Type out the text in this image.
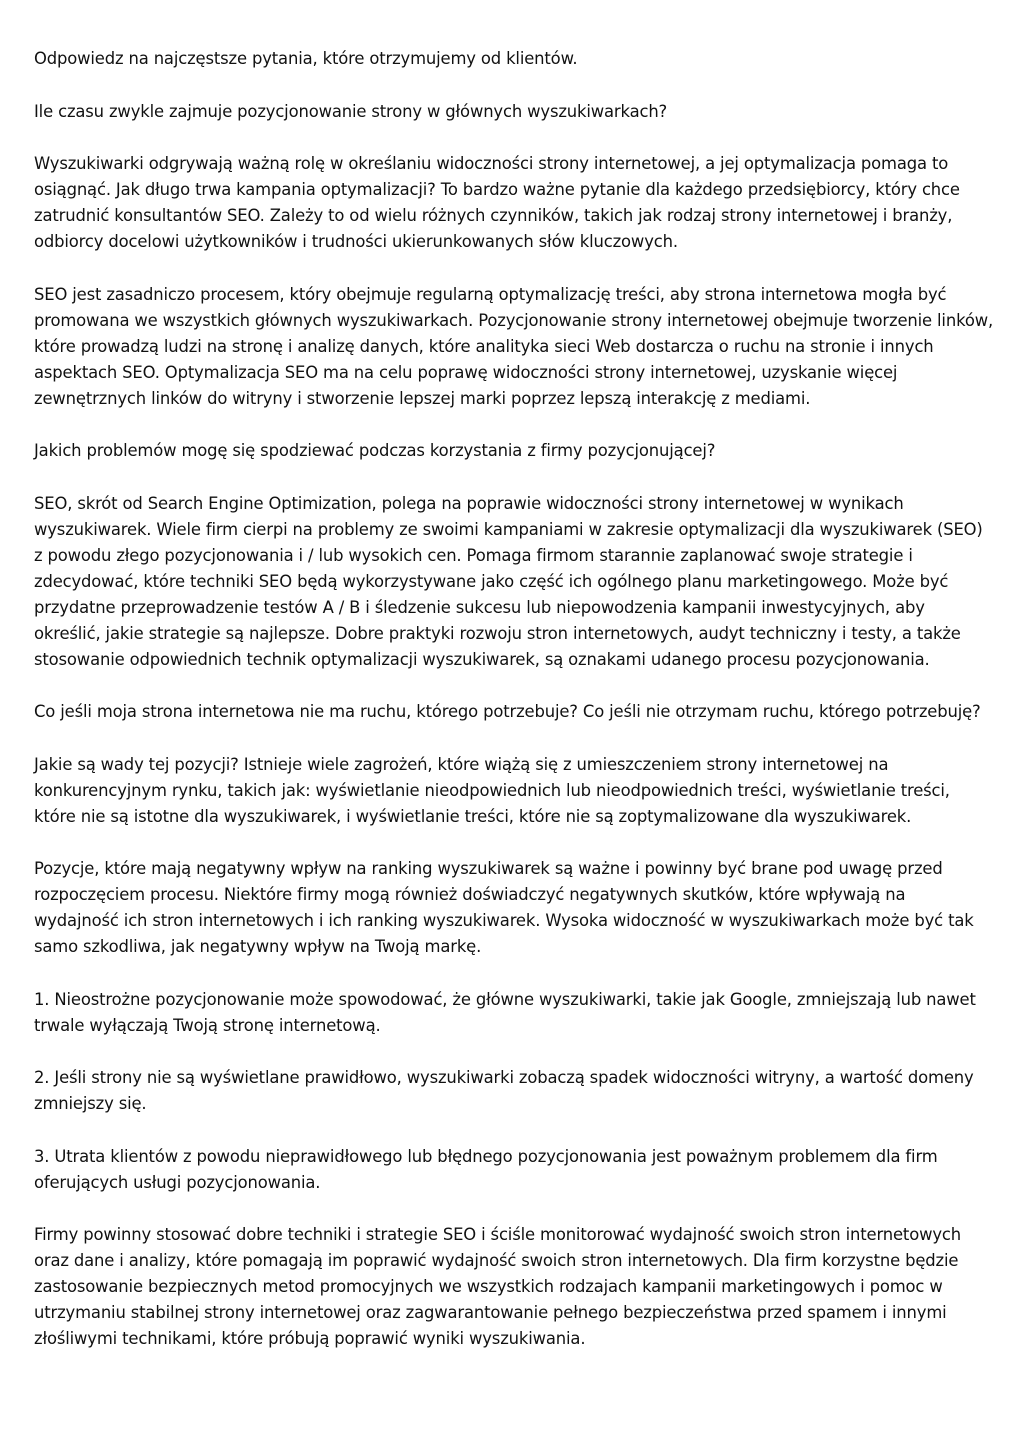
Odpowiedz na najczęstsze pytania, które otrzymujemy od klientów.

Ile czasu zwykle zajmuje pozycjonowanie strony w głównych wyszukiwarkach?

Wyszukiwarki odgrywają ważną rolę w określaniu widoczności strony internetowej, a jej optymalizacja pomaga to osiągnąć. Jak długo trwa kampania optymalizacji? To bardzo ważne pytanie dla każdego przedsiębiorcy, który chce zatrudnić konsultantów SEO. Zależy to od wielu różnych czynników, takich jak rodzaj strony internetowej i branży, odbiorcy docelowi użytkowników i trudności ukierunkowanych słów kluczowych.

SEO jest zasadniczo procesem, który obejmuje regularną optymalizację treści, aby strona internetowa mogła być promowana we wszystkich głównych wyszukiwarkach. Pozycjonowanie strony internetowej obejmuje tworzenie linków, które prowadzą ludzi na stronę i analizę danych, które analityka sieci Web dostarcza o ruchu na stronie i innych aspektach SEO. Optymalizacja SEO ma na celu poprawę widoczności strony internetowej, uzyskanie więcej zewnętrznych linków do witryny i stworzenie lepszej marki poprzez lepszą interakcję z mediami.

Jakich problemów mogę się spodziewać podczas korzystania z firmy pozycjonującej?

SEO, skrót od Search Engine Optimization, polega na poprawie widoczności strony internetowej w wynikach wyszukiwarek. Wiele firm cierpi na problemy ze swoimi kampaniami w zakresie optymalizacji dla wyszukiwarek (SEO) z powodu złego pozycjonowania i / lub wysokich cen. Pomaga firmom starannie zaplanować swoje strategie i zdecydować, które techniki SEO będą wykorzystywane jako część ich ogólnego planu marketingowego. Może być przydatne przeprowadzenie testów A / B i śledzenie sukcesu lub niepowodzenia kampanii inwestycyjnych, aby określić, jakie strategie są najlepsze. Dobre praktyki rozwoju stron internetowych, audyt techniczny i testy, a także stosowanie odpowiednich technik optymalizacji wyszukiwarek, są oznakami udanego procesu pozycjonowania.

Co jeśli moja strona internetowa nie ma ruchu, którego potrzebuje? Co jeśli nie otrzymam ruchu, którego potrzebuję?

Jakie są wady tej pozycji? Istnieje wiele zagrożeń, które wiążą się z umieszczeniem strony internetowej na konkurencyjnym rynku, takich jak: wyświetlanie nieodpowiednich lub nieodpowiednich treści, wyświetlanie treści, które nie są istotne dla wyszukiwarek, i wyświetlanie treści, które nie są zoptymalizowane dla wyszukiwarek.

Pozycje, które mają negatywny wpływ na ranking wyszukiwarek są ważne i powinny być brane pod uwagę przed rozpoczęciem procesu. Niektóre firmy mogą również doświadczyć negatywnych skutków, które wpływają na wydajność ich stron internetowych i ich ranking wyszukiwarek. Wysoka widoczność w wyszukiwarkach może być tak samo szkodliwa, jak negatywny wpływ na Twoją markę.

1. Nieostrożne pozycjonowanie może spowodować, że główne wyszukiwarki, takie jak Google, zmniejszają lub nawet trwale wyłączają Twoją stronę internetową.

2. Jeśli strony nie są wyświetlane prawidłowo, wyszukiwarki zobaczą spadek widoczności witryny, a wartość domeny zmniejszy się.

3. Utrata klientów z powodu nieprawidłowego lub błędnego pozycjonowania jest poważnym problemem dla firm oferujących usługi pozycjonowania.

Firmy powinny stosować dobre techniki i strategie SEO i ściśle monitorować wydajność swoich stron internetowych oraz dane i analizy, które pomagają im poprawić wydajność swoich stron internetowych. Dla firm korzystne będzie zastosowanie bezpiecznych metod promocyjnych we wszystkich rodzajach kampanii marketingowych i pomoc w utrzymaniu stabilnej strony internetowej oraz zagwarantowanie pełnego bezpieczeństwa przed spamem i innymi złośliwymi technikami, które próbują poprawić wyniki wyszukiwania.
